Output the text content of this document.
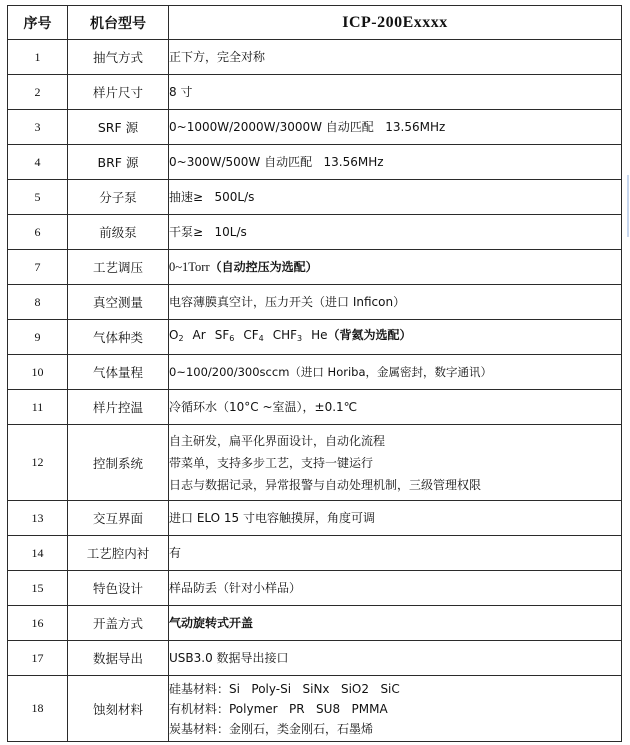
序号	机台型号	ICP-200Exxxx
1	抽气方式	正下方，完全对称
2	样片尺寸	8 寸
3	SRF 源	0~1000W/2000W/3000W 自动匹配   13.56MHz
4	BRF 源	0~300W/500W 自动匹配   13.56MHz
5	分子泵	抽速≥   500L/s
6	前级泵	干泵≥   10L/s
7	工艺调压	0~1Torr（自动控压为选配）
8	真空测量	电容薄膜真空计，压力开关（进口 Inficon）
9	气体种类	$O_2$ Ar $SF_6$ $CF_4$ $CHF_3$ He（背氦为选配）
10	气体量程	0~100/200/300sccm（进口 Horiba，金属密封，数字通讯）
11	样片控温	冷循环水（10°C ~室温），±0.1℃
12	控制系统	自主研发，扁平化界面设计，自动化流程
带菜单，支持多步工艺，支持一键运行
日志与数据记录，异常报警与自动处理机制，三级管理权限

13	交互界面	进口 ELO 15 寸电容触摸屏，角度可调
14	工艺腔内衬	有
15	特色设计	样品防丢（针对小样品）
16	开盖方式	气动旋转式开盖
17	数据导出	USB3.0 数据导出接口
18	蚀刻材料	硅基材料：Si   Poly-Si   SiNx   SiO2   SiC
有机材料：Polymer   PR   SU8   PMMA
炭基材料：金刚石，类金刚石，石墨烯
